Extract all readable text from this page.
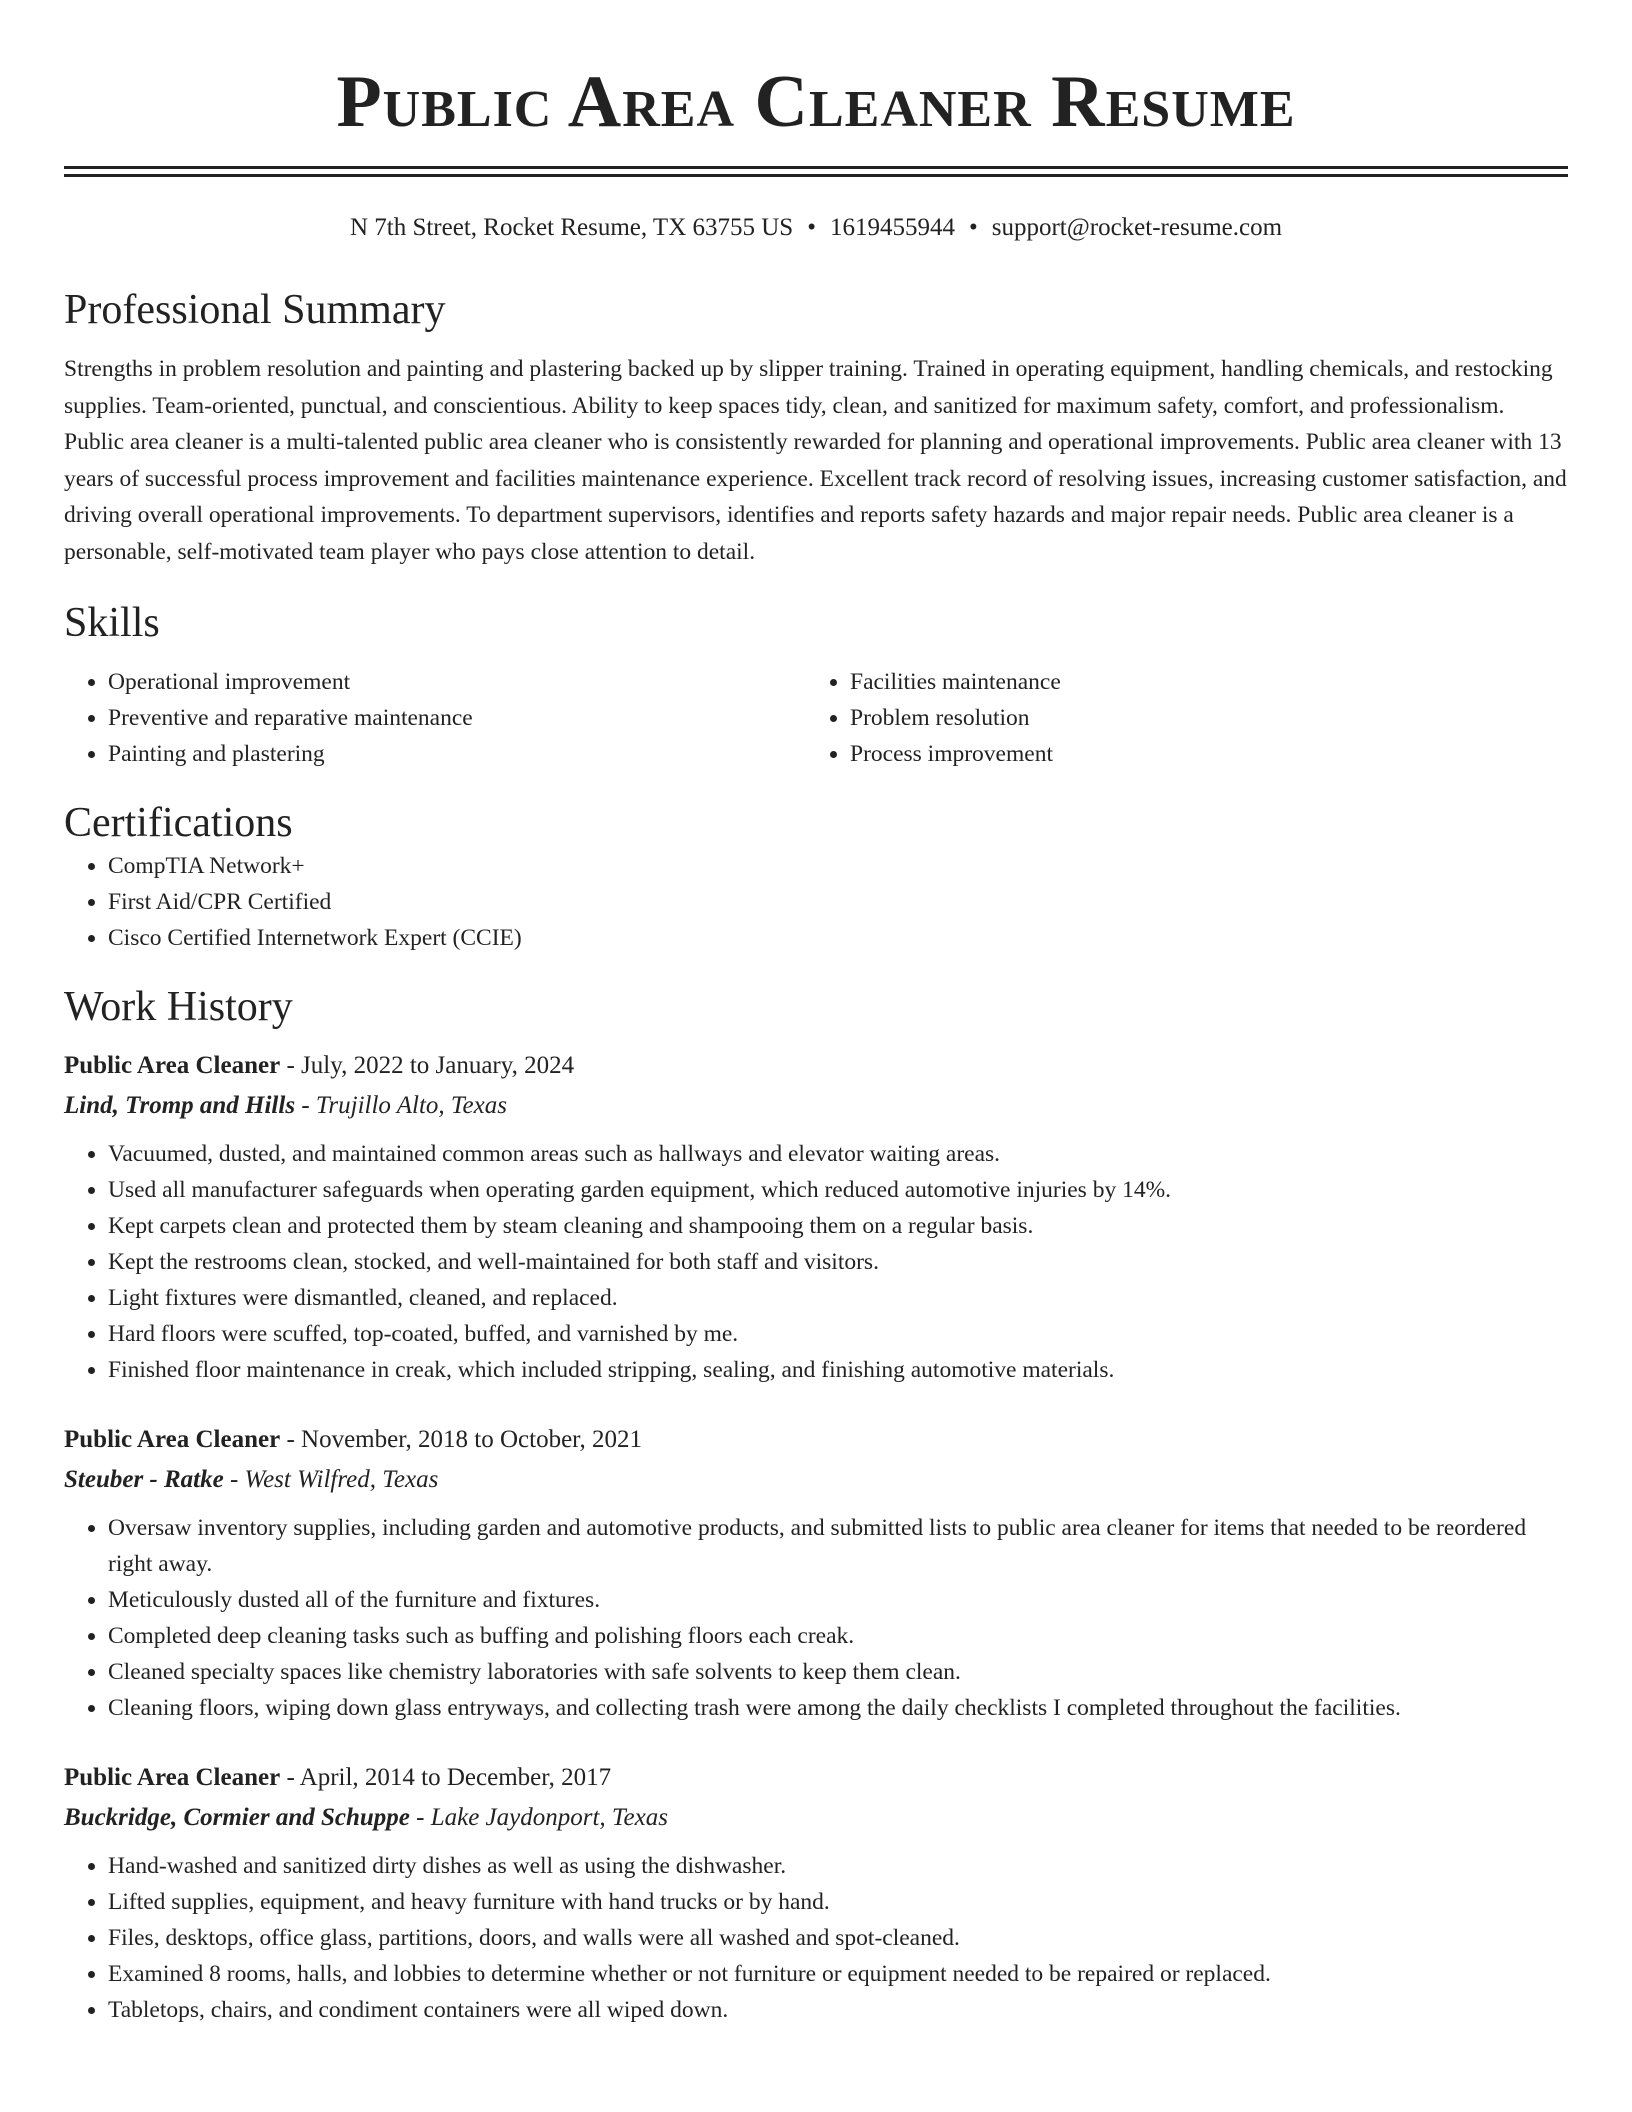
Public Area Cleaner Resume
N 7th Street, Rocket Resume, TX 63755 US • 1619455944 • support@rocket-resume.com
Professional Summary

Strengths in problem resolution and painting and plastering backed up by slipper training. Trained in operating equipment, handling chemicals, and restocking supplies. Team-oriented, punctual, and conscientious. Ability to keep spaces tidy, clean, and sanitized for maximum safety, comfort, and professionalism. Public area cleaner is a multi-talented public area cleaner who is consistently rewarded for planning and operational improvements. Public area cleaner with 13 years of successful process improvement and facilities maintenance experience. Excellent track record of resolving issues, increasing customer satisfaction, and driving overall operational improvements. To department supervisors, identifies and reports safety hazards and major repair needs. Public area cleaner is a personable, self-motivated team player who pays close attention to detail.

Skills
• Operational improvement
• Preventive and reparative maintenance
• Painting and plastering
• Facilities maintenance
• Problem resolution
• Process improvement
Certifications
• CompTIA Network+
• First Aid/CPR Certified
• Cisco Certified Internetwork Expert (CCIE)
Work History
Public Area Cleaner - July, 2022 to January, 2024
Lind, Tromp and Hills - Trujillo Alto, Texas
• Vacuumed, dusted, and maintained common areas such as hallways and elevator waiting areas.
• Used all manufacturer safeguards when operating garden equipment, which reduced automotive injuries by 14%.
• Kept carpets clean and protected them by steam cleaning and shampooing them on a regular basis.
• Kept the restrooms clean, stocked, and well-maintained for both staff and visitors.
• Light fixtures were dismantled, cleaned, and replaced.
• Hard floors were scuffed, top-coated, buffed, and varnished by me.
• Finished floor maintenance in creak, which included stripping, sealing, and finishing automotive materials.
Public Area Cleaner - November, 2018 to October, 2021
Steuber - Ratke - West Wilfred, Texas
• Oversaw inventory supplies, including garden and automotive products, and submitted lists to public area cleaner for items that needed to be reordered right away.
• Meticulously dusted all of the furniture and fixtures.
• Completed deep cleaning tasks such as buffing and polishing floors each creak.
• Cleaned specialty spaces like chemistry laboratories with safe solvents to keep them clean.
• Cleaning floors, wiping down glass entryways, and collecting trash were among the daily checklists I completed throughout the facilities.
Public Area Cleaner - April, 2014 to December, 2017
Buckridge, Cormier and Schuppe - Lake Jaydonport, Texas
• Hand-washed and sanitized dirty dishes as well as using the dishwasher.
• Lifted supplies, equipment, and heavy furniture with hand trucks or by hand.
• Files, desktops, office glass, partitions, doors, and walls were all washed and spot-cleaned.
• Examined 8 rooms, halls, and lobbies to determine whether or not furniture or equipment needed to be repaired or replaced.
• Tabletops, chairs, and condiment containers were all wiped down.
